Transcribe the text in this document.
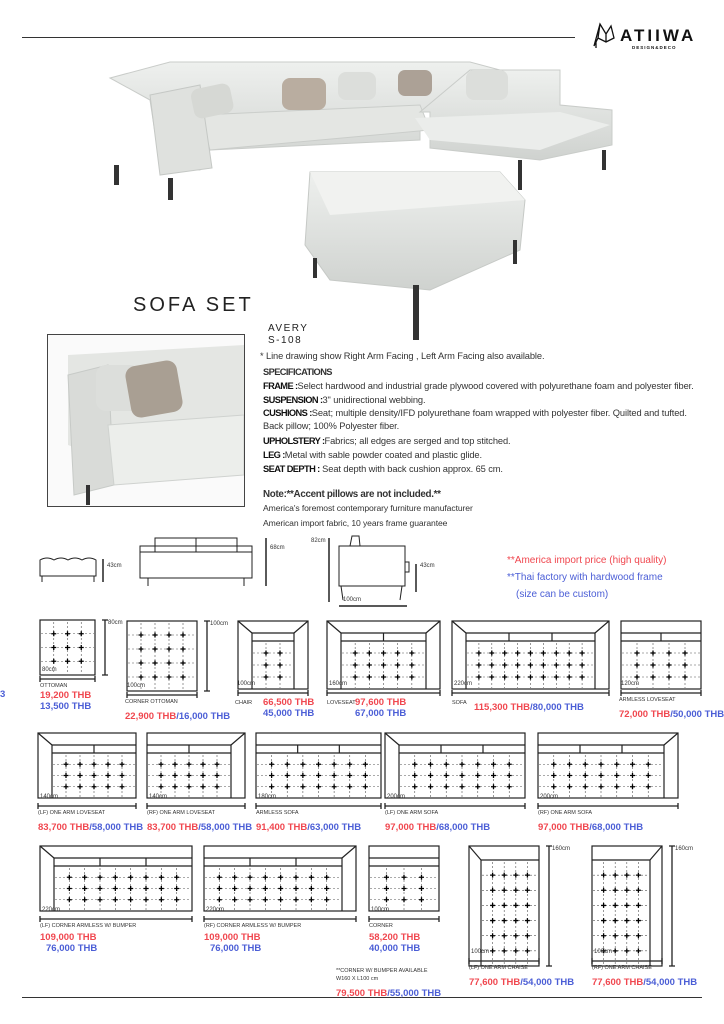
ATIIWA
DESIGN&DECO
SOFA SET
AVERY
S-108
* Line drawing show Right Arm Facing , Left Arm Facing also available.
SPECIFICATIONS
FRAME :Select hardwood and industrial grade plywood covered with polyurethane foam and polyester fiber.
SUSPENSION :3" unidirectional webbing.
CUSHIONS :Seat; multiple density/IFD polyurethane foam wrapped with polyester fiber. Quilted and tufted.
Back pillow; 100% Polyester fiber.
UPHOLSTERY :Fabrics; all edges are serged and top stitched.
LEG :Metal with sable powder coated and plastic glide.
SEAT DEPTH : Seat depth with back cushion approx. 65 cm.
Note:**Accent pillows are not included.**
America's foremost contemporary furniture manufacturer
American import fabric, 10 years frame guarantee
43cm
68cm
82cm
43cm
100cm
**America import price (high quality)
**Thai factory with hardwood frame
(size can be custom)
3
80cm
80cm
OTTOMAN
19,200 THB
13,500 THB
100cm
100cm
CORNER OTTOMAN
22,900 THB/16,000 THB
100cm
CHAIR 66,500 THB
45,000 THB
160cm
LOVESEAT 97,600 THB
67,000 THB
220cm
SOFA 115,300 THB/80,000 THB
120cm
ARMLESS LOVESEAT
72,000 THB/50,000 THB
140cm
(LF) ONE ARM LOVESEAT
83,700 THB/58,000 THB
140cm
(RF) ONE ARM LOVESEAT
83,700 THB/58,000 THB
180cm
ARMLESS SOFA
91,400 THB/63,000 THB
200cm
(LF) ONE ARM SOFA
97,000 THB/68,000 THB
200cm
(RF) ONE ARM SOFA
97,000 THB/68,000 THB
220cm
(LF) CORNER ARMLESS W/ BUMPER
109,000 THB
76,000 THB
220cm
(RF) CORNER ARMLESS W/ BUMPER
109,000 THB
76,000 THB
100cm
CORNER
58,200 THB
40,000 THB	100cm
160cm
(LF) ONE ARM CHAISE
77,600 THB/54,000 THB
100cm
160cm
(RF) ONE ARM CHAISE
77,600 THB/54,000 THB
**CORNER W/ BUMPER AVAILABLE
W160 X L100 cm
79,500 THB/55,000 THB
